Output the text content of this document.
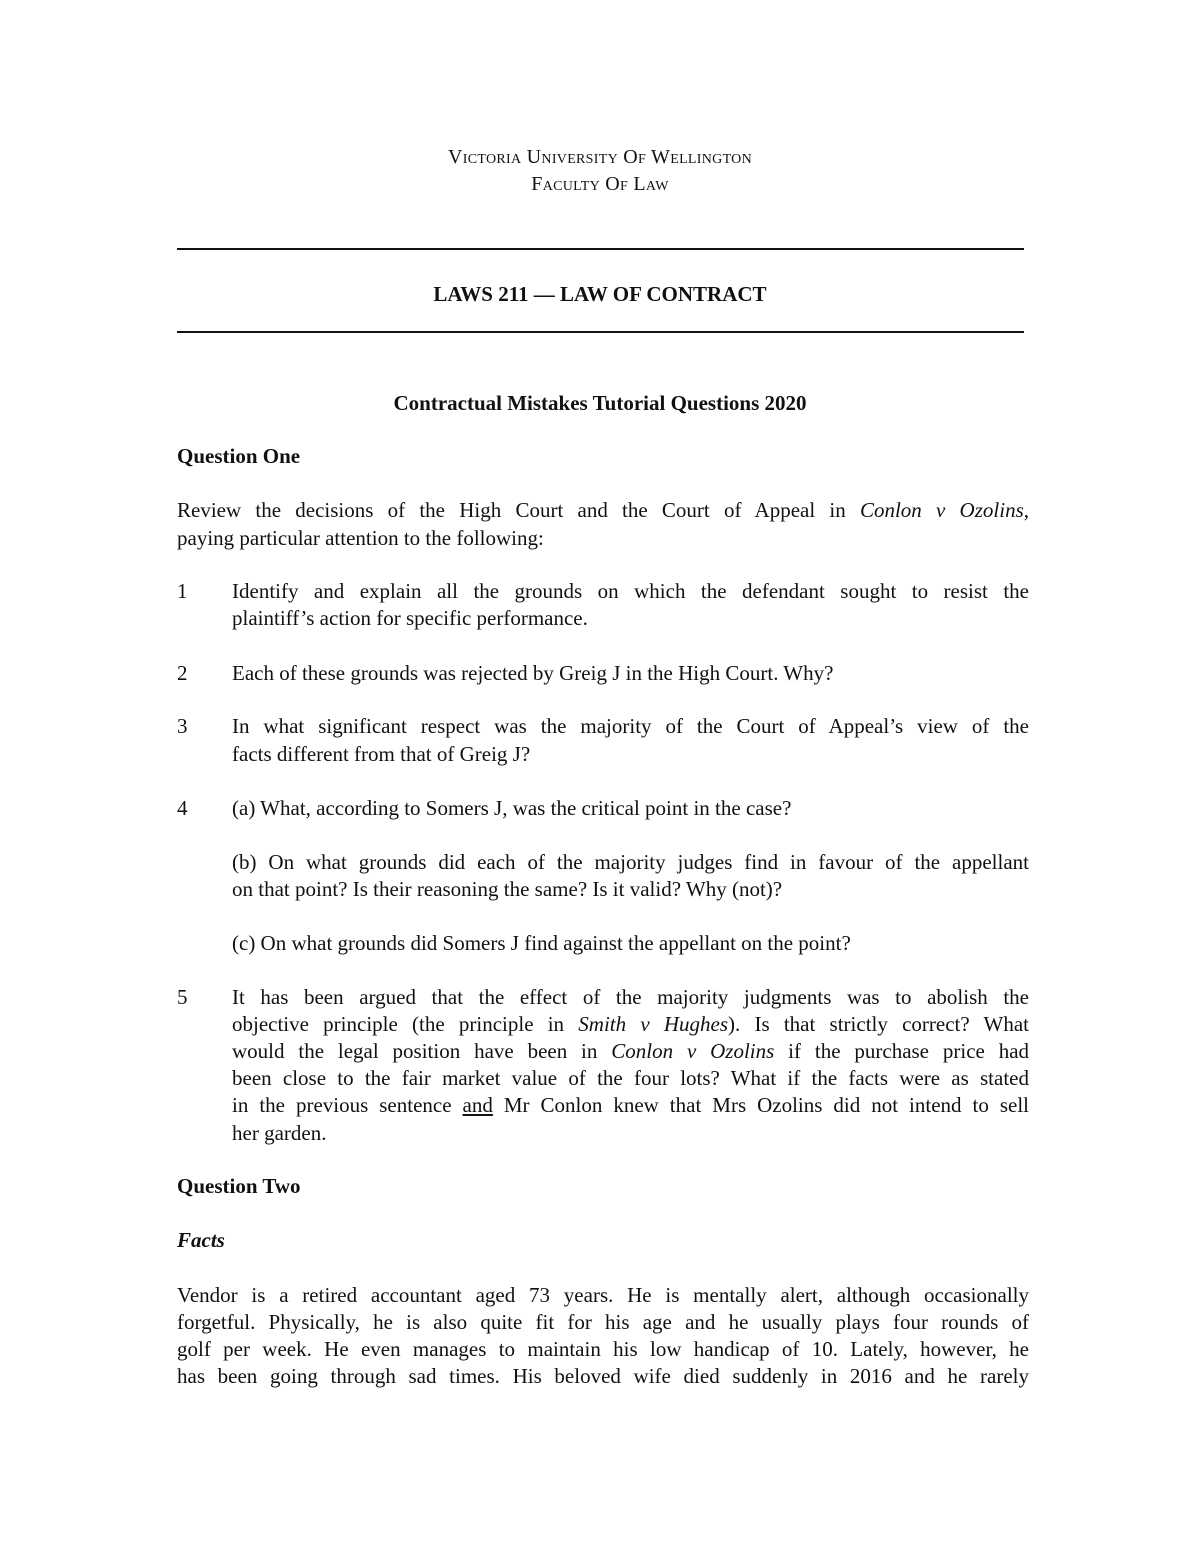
Victoria University Of Wellington
Faculty Of Law
LAWS 211 — LAW OF CONTRACT
Contractual Mistakes Tutorial Questions 2020
Question One
Review the decisions of the High Court and the Court of Appeal in Conlon v Ozolins,
paying particular attention to the following:
1 Identify and explain all the grounds on which the defendant sought to resist the
plaintiff’s action for specific performance.
2 Each of these grounds was rejected by Greig J in the High Court. Why?
3 In what significant respect was the majority of the Court of Appeal’s view of the
facts different from that of Greig J?
4 (a) What, according to Somers J, was the critical point in the case?
(b) On what grounds did each of the majority judges find in favour of the appellant
on that point? Is their reasoning the same? Is it valid? Why (not)?
(c) On what grounds did Somers J find against the appellant on the point?
5 It has been argued that the effect of the majority judgments was to abolish the
objective principle (the principle in Smith v Hughes). Is that strictly correct? What
would the legal position have been in Conlon v Ozolins if the purchase price had
been close to the fair market value of the four lots? What if the facts were as stated
in the previous sentence and Mr Conlon knew that Mrs Ozolins did not intend to sell
her garden.
Question Two
Facts
Vendor is a retired accountant aged 73 years. He is mentally alert, although occasionally
forgetful. Physically, he is also quite fit for his age and he usually plays four rounds of
golf per week. He even manages to maintain his low handicap of 10. Lately, however, he
has been going through sad times. His beloved wife died suddenly in 2016 and he rarely
